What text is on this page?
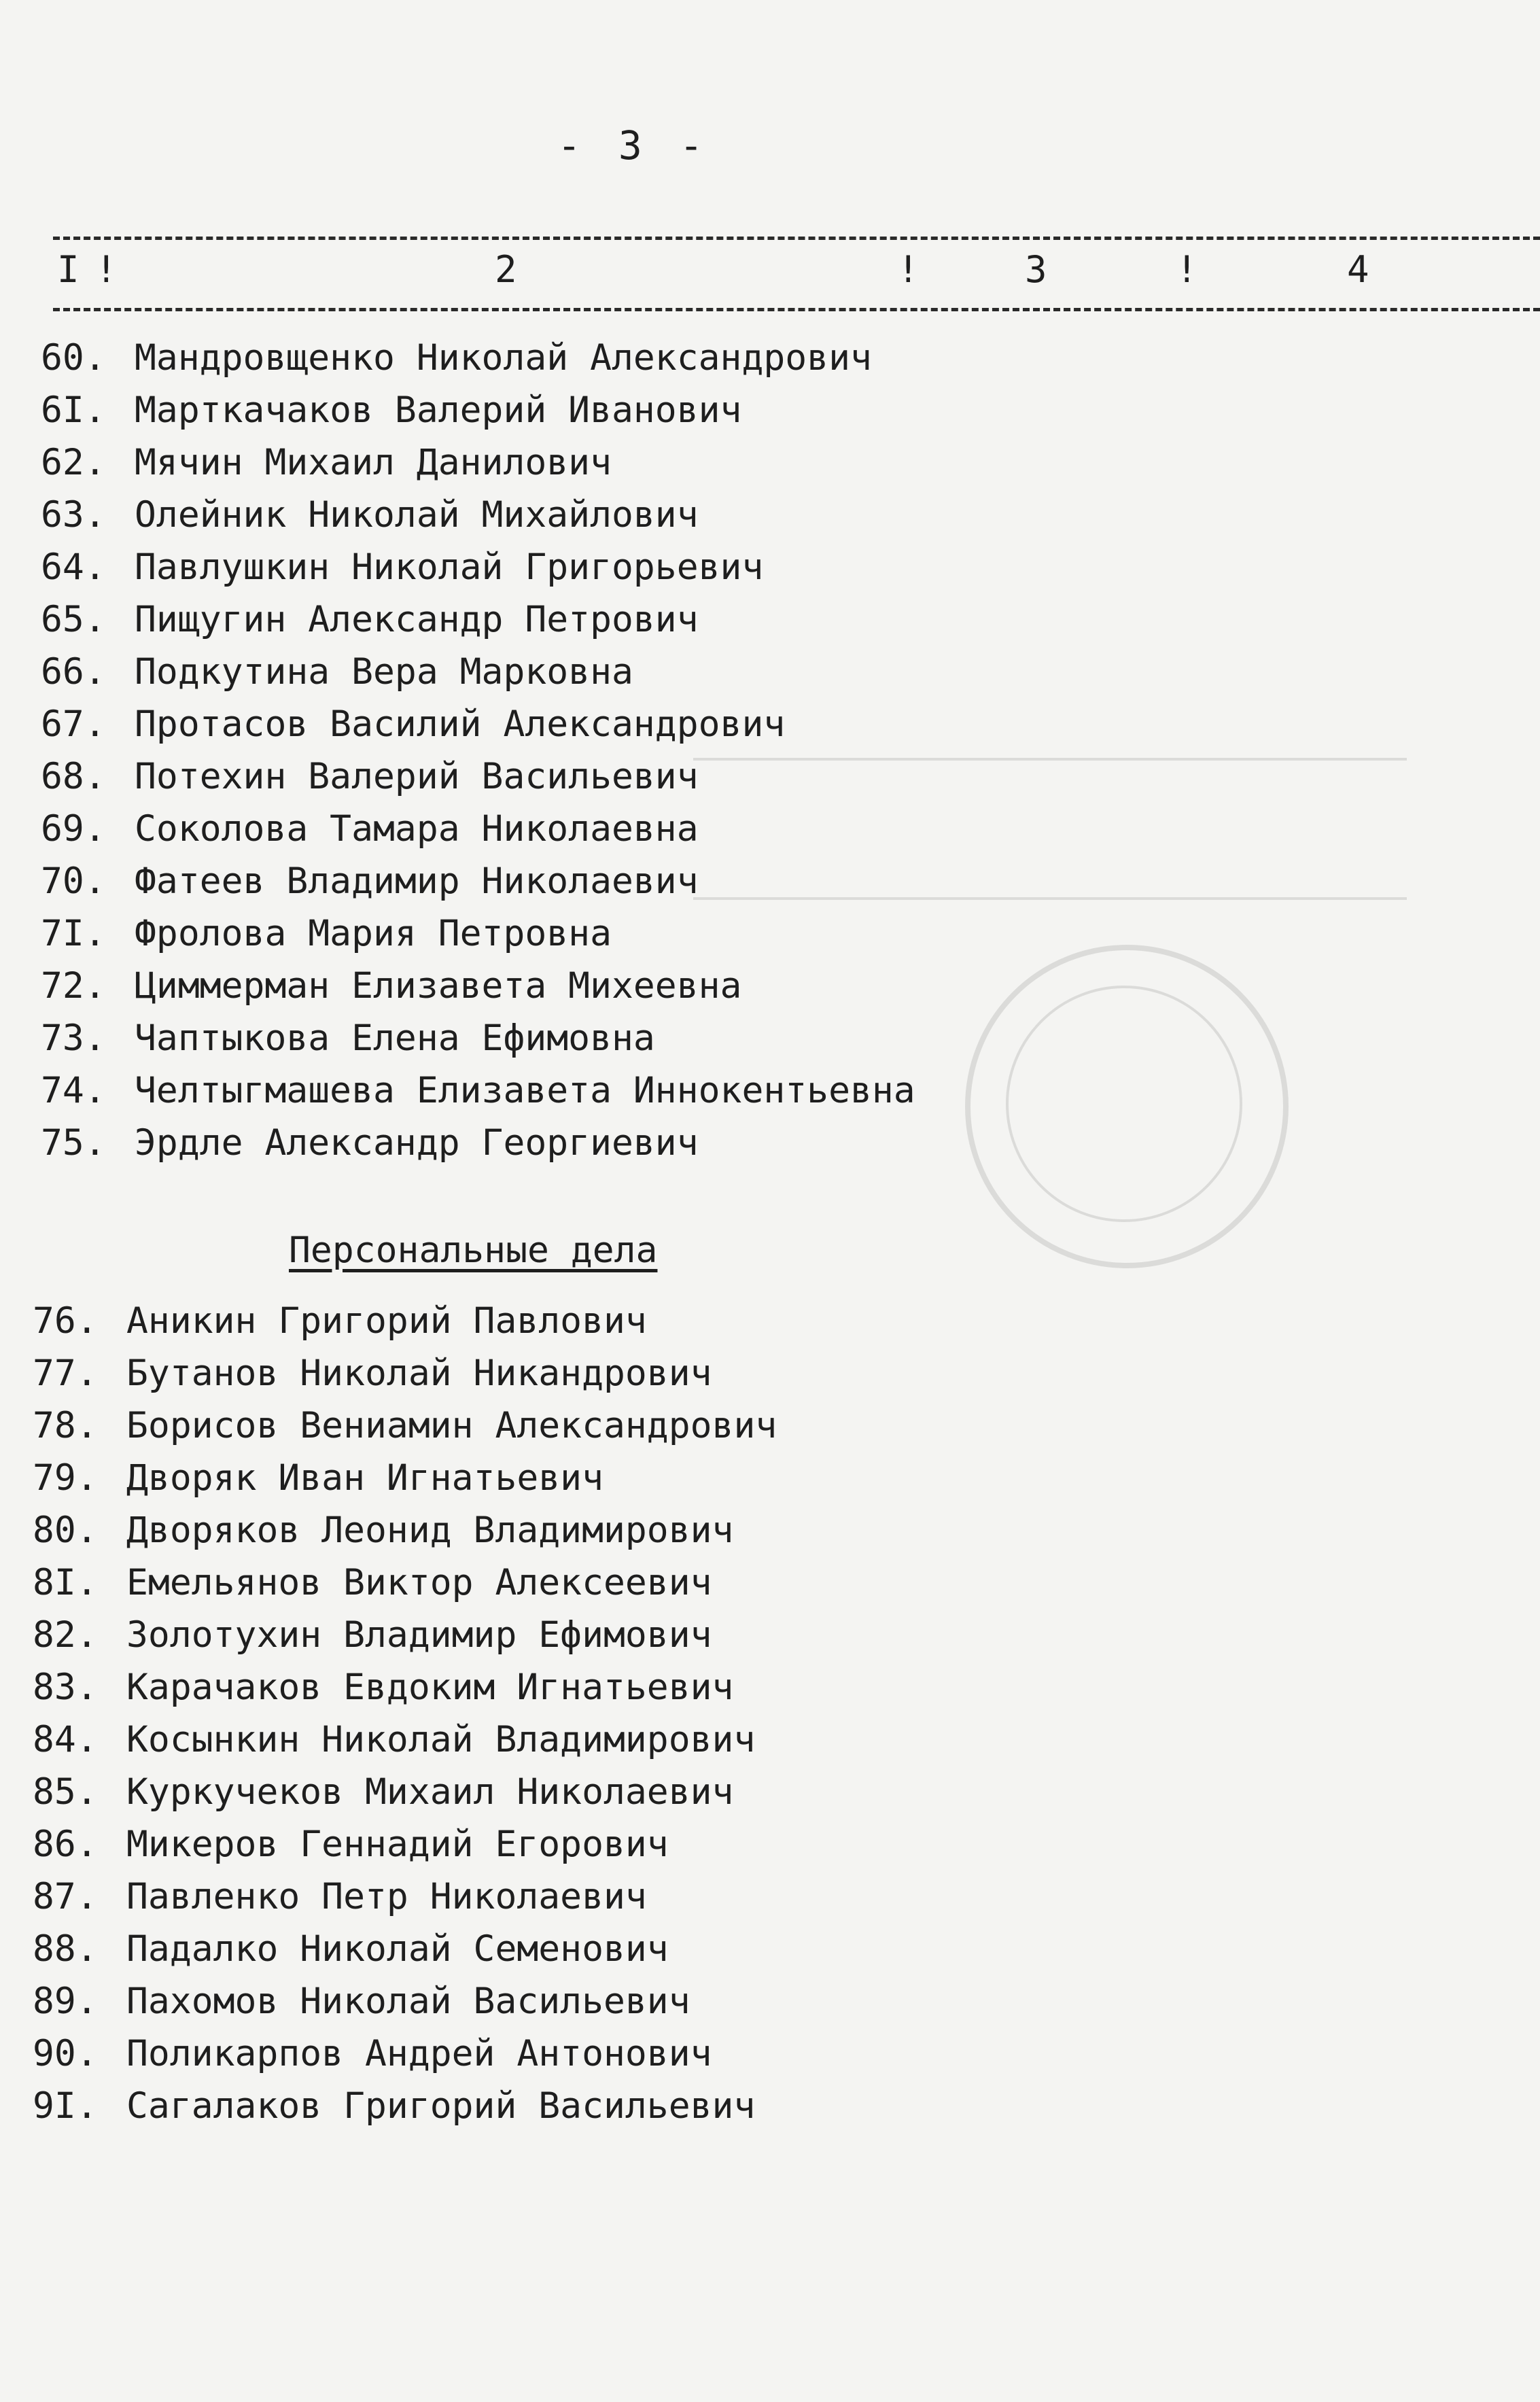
- 3 -
I !	2	!	3	!	4
60. Мандровщенко Николай Александрович
6I. Марткачаков Валерий Иванович
62. Мячин Михаил Данилович
63. Олейник Николай Михайлович
64. Павлушкин Николай Григорьевич
65. Пищугин Александр Петрович
66. Подкутина Вера Марковна
67. Протасов Василий Александрович
68. Потехин Валерий Васильевич
69. Соколова Тамара Николаевна
70. Фатеев Владимир Николаевич
7I. Фролова Мария Петровна
72. Циммерман Елизавета Михеевна
73. Чаптыкова Елена Ефимовна
74. Челтыгмашева Елизавета Иннокентьевна
75. Эрдле Александр Георгиевич
Персональные дела
76. Аникин Григорий Павлович
77. Бутанов Николай Никандрович
78. Борисов Вениамин Александрович
79. Дворяк Иван Игнатьевич
80. Дворяков Леонид Владимирович
8I. Емельянов Виктор Алексеевич
82. Золотухин Владимир Ефимович
83. Карачаков Евдоким Игнатьевич
84. Косынкин Николай Владимирович
85. Куркучеков Михаил Николаевич
86. Микеров Геннадий Егорович
87. Павленко Петр Николаевич
88. Падалко Николай Семенович
89. Пахомов Николай Васильевич
90. Поликарпов Андрей Антонович
9I. Сагалаков Григорий Васильевич
